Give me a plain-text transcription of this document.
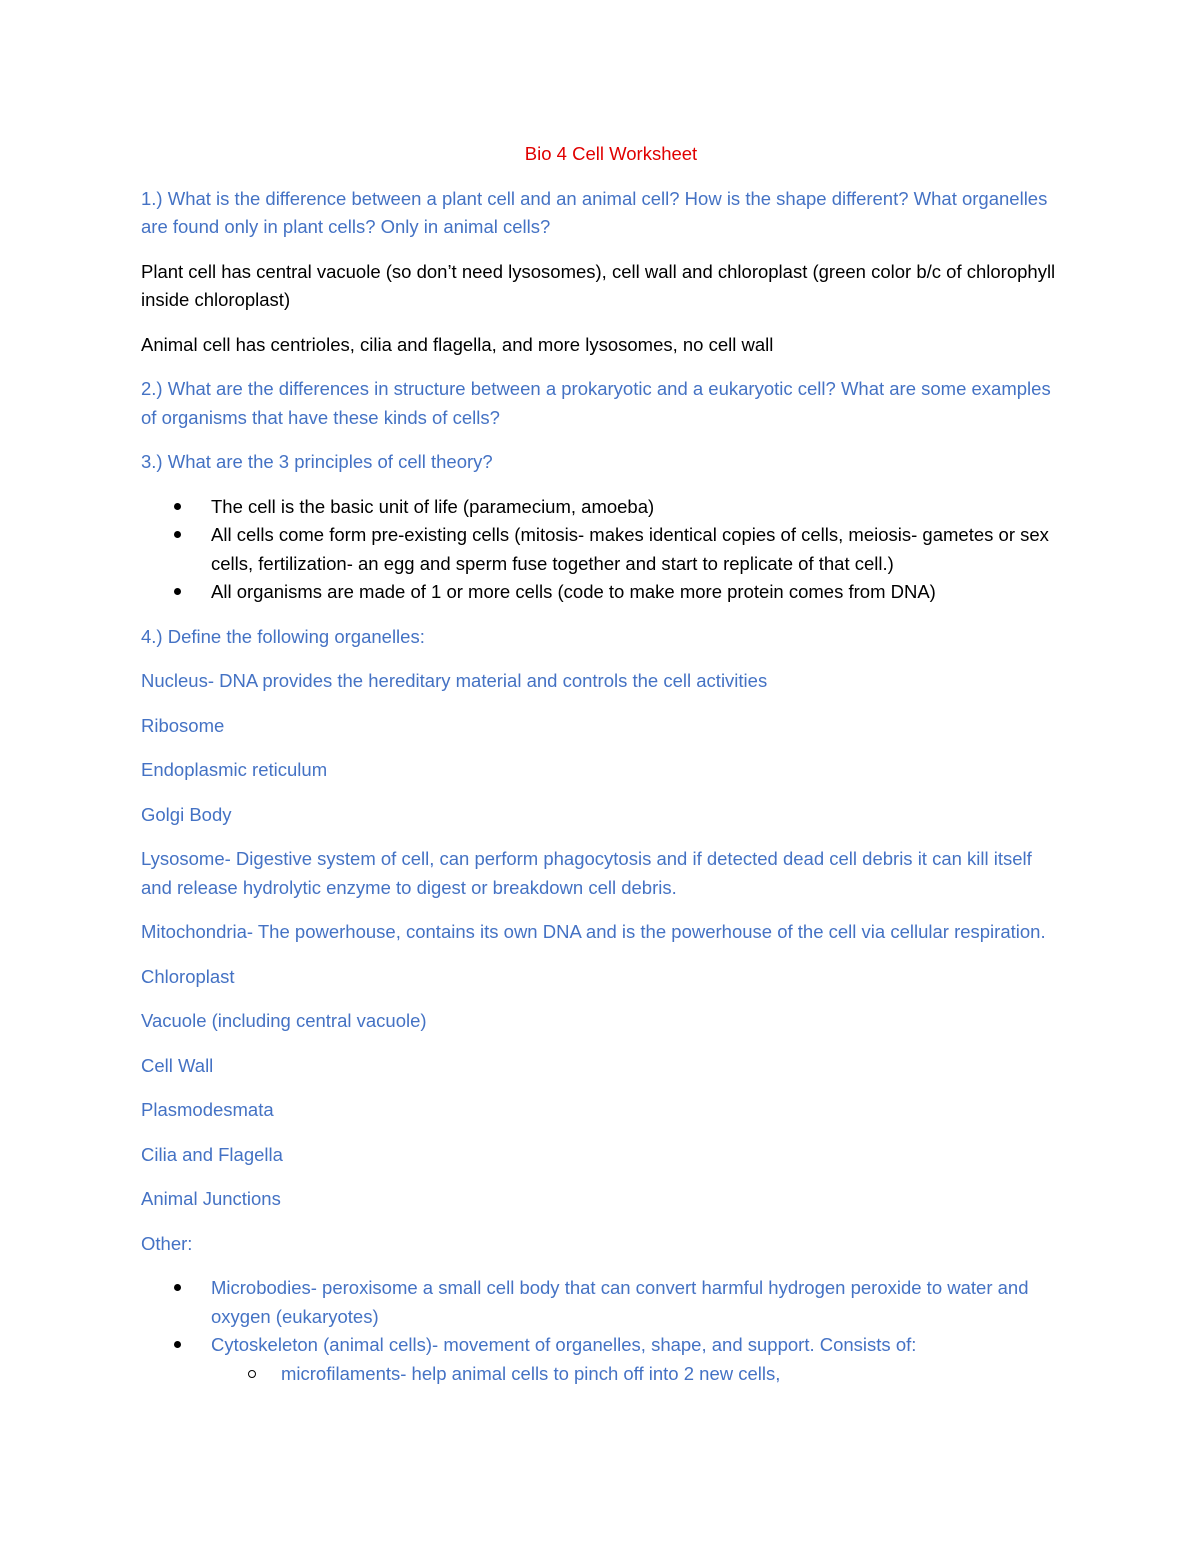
Bio 4 Cell Worksheet

1.) What is the difference between a plant cell and an animal cell? How is the shape different? What organelles are found only in plant cells? Only in animal cells?

Plant cell has central vacuole (so don’t need lysosomes), cell wall and chloroplast (green color b/c of chlorophyll inside chloroplast)

Animal cell has centrioles, cilia and flagella, and more lysosomes, no cell wall

2.) What are the differences in structure between a prokaryotic and a eukaryotic cell? What are some examples of organisms that have these kinds of cells?

3.) What are the 3 principles of cell theory?

The cell is the basic unit of life (paramecium, amoeba)
All cells come form pre-existing cells (mitosis- makes identical copies of cells, meiosis- gametes or sex cells, fertilization- an egg and sperm fuse together and start to replicate of that cell.)
All organisms are made of 1 or more cells (code to make more protein comes from DNA)

4.) Define the following organelles:

Nucleus- DNA provides the hereditary material and controls the cell activities

Ribosome

Endoplasmic reticulum

Golgi Body

Lysosome- Digestive system of cell, can perform phagocytosis and if detected dead cell debris it can kill itself and release hydrolytic enzyme to digest or breakdown cell debris.

Mitochondria- The powerhouse, contains its own DNA and is the powerhouse of the cell via cellular respiration.

Chloroplast

Vacuole (including central vacuole)

Cell Wall

Plasmodesmata

Cilia and Flagella

Animal Junctions

Other:

Microbodies- peroxisome a small cell body that can convert harmful hydrogen peroxide to water and oxygen (eukaryotes)
Cytoskeleton (animal cells)- movement of organelles, shape, and support. Consists of:
microfilaments- help animal cells to pinch off into 2 new cells,
